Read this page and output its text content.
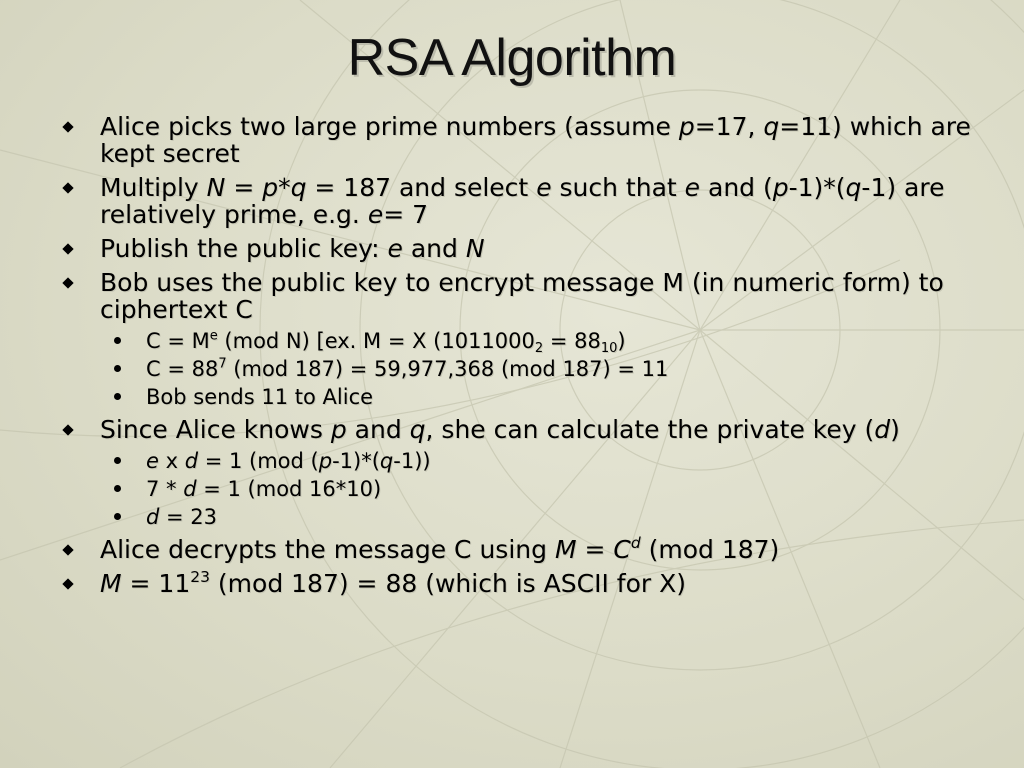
RSA Algorithm
Alice picks two large prime numbers (assume p=17, q=11) which are kept secret
Multiply N = p*q = 187 and select e such that e and (p-1)*(q-1) are relatively prime, e.g. e= 7
Publish the public key: e and N
Bob uses the public key to encrypt message M (in numeric form) to ciphertext C
$C = M^e$ (mod N) [ex. M = X $(1011000_2 = 88_{10})$
$C = 88^7$ (mod 187) = 59,977,368 (mod 187) = 11
Bob sends 11 to Alice
Since Alice knows p and q, she can calculate the private key (d)
e x d = 1 (mod (p-1)*(q-1))
7 * d = 1 (mod 16*10)
d = 23
Alice decrypts the message C using $M = C^d$ (mod 187)
$M = 11^{23}$ (mod 187) = 88 (which is ASCII for X)
